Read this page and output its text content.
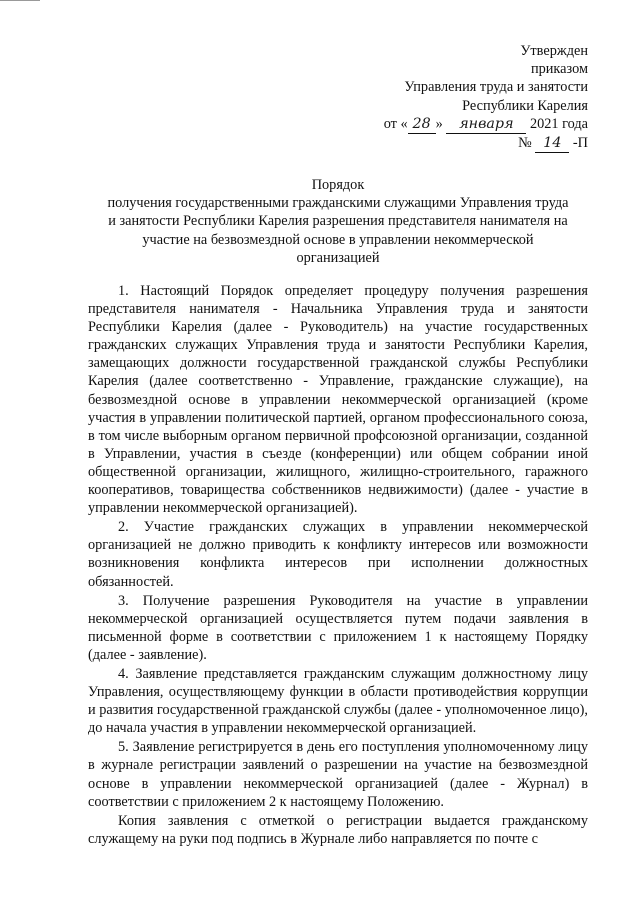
Утвержден
приказом
Управления труда и занятости
Республики Карелия
от « 28 » января 2021 года
№ 14 -П
Порядок
получения государственными гражданскими служащими Управления труда
и занятости Республики Карелия разрешения представителя нанимателя на
участие на безвозмездной основе в управлении некоммерческой
организацией

1. Настоящий Порядок определяет процедуру получения разрешения представителя нанимателя - Начальника Управления труда и занятости Республики Карелия (далее - Руководитель) на участие государственных гражданских служащих Управления труда и занятости Республики Карелия, замещающих должности государственной гражданской службы Республики Карелия (далее соответственно - Управление, гражданские служащие), на безвозмездной основе в управлении некоммерческой организацией (кроме участия в управлении политической партией, органом профессионального союза, в том числе выборным органом первичной профсоюзной организации, созданной в Управлении, участия в съезде (конференции) или общем собрании иной общественной организации, жилищного, жилищно-строительного, гаражного кооперативов, товарищества собственников недвижимости) (далее - участие в управлении некоммерческой организацией).

2. Участие гражданских служащих в управлении некоммерческой организацией не должно приводить к конфликту интересов или возможности возникновения конфликта интересов при исполнении должностных обязанностей.

3. Получение разрешения Руководителя на участие в управлении некоммерческой организацией осуществляется путем подачи заявления в письменной форме в соответствии с приложением 1 к настоящему Порядку (далее - заявление).

4. Заявление представляется гражданским служащим должностному лицу Управления, осуществляющему функции в области противодействия коррупции и развития государственной гражданской службы (далее - уполномоченное лицо), до начала участия в управлении некоммерческой организацией.

5. Заявление регистрируется в день его поступления уполномоченному лицу в журнале регистрации заявлений о разрешении на участие на безвозмездной основе в управлении некоммерческой организацией (далее - Журнал) в соответствии с приложением 2 к настоящему Положению.

Копия заявления с отметкой о регистрации выдается гражданскому служащему на руки под подпись в Журнале либо направляется по почте с
